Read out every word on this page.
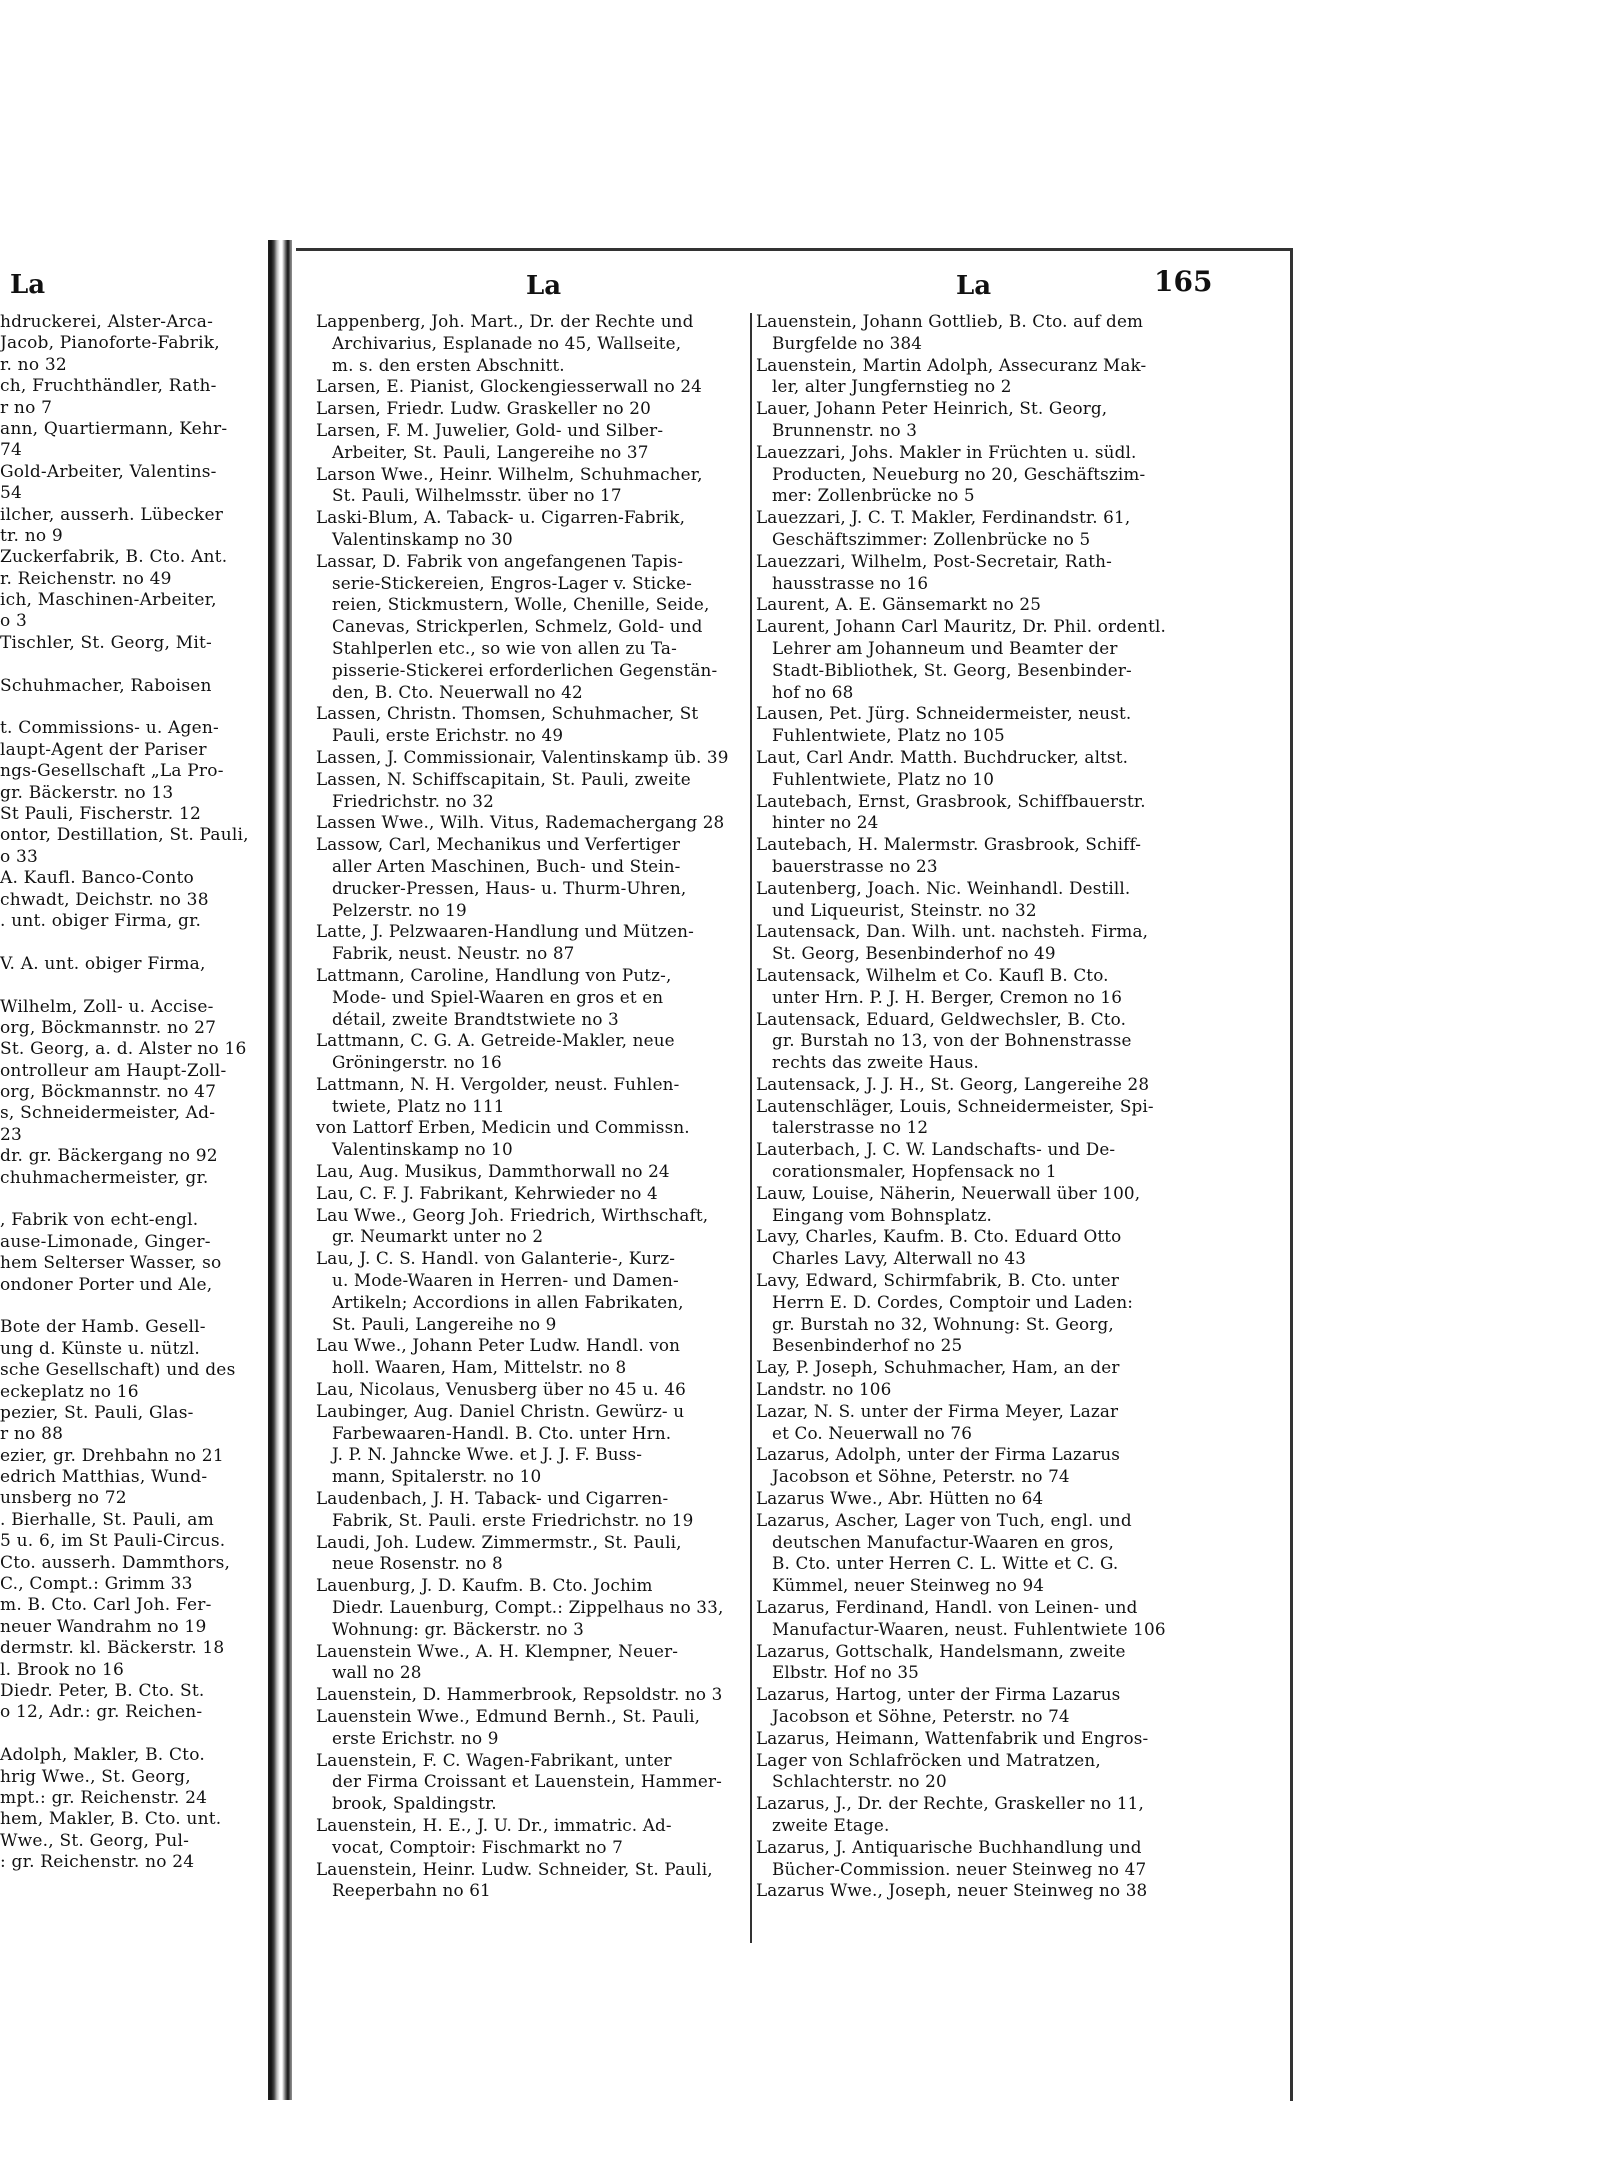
La
hdruckerei, Alster-Arca-
Jacob, Pianoforte-Fabrik,
r. no 32
ch, Fruchthändler, Rath-
r no 7
ann, Quartiermann, Kehr-
74
Gold-Arbeiter, Valentins-
54
ilcher, ausserh. Lübecker
tr. no 9
Zuckerfabrik, B. Cto. Ant.
r. Reichenstr. no 49
ich, Maschinen-Arbeiter,
o 3
Tischler, St. Georg, Mit-
Schuhmacher, Raboisen
t. Commissions- u. Agen-
laupt-Agent der Pariser
ngs-Gesellschaft „La Pro-
gr. Bäckerstr. no 13
St Pauli, Fischerstr. 12
ontor, Destillation, St. Pauli,
o 33
A. Kaufl. Banco-Conto
chwadt, Deichstr. no 38
. unt. obiger Firma, gr.
V. A. unt. obiger Firma,
Wilhelm, Zoll- u. Accise-
org, Böckmannstr. no 27
St. Georg, a. d. Alster no 16
ontrolleur am Haupt-Zoll-
org, Böckmannstr. no 47
s, Schneidermeister, Ad-
23
dr. gr. Bäckergang no 92
chuhmachermeister, gr.
, Fabrik von echt-engl.
ause-Limonade, Ginger-
hem Selterser Wasser, so
ondoner Porter und Ale,
Bote der Hamb. Gesell-
ung d. Künste u. nützl.
sche Gesellschaft) und des
eckeplatz no 16
pezier, St. Pauli, Glas-
r no 88
ezier, gr. Drehbahn no 21
edrich Matthias, Wund-
unsberg no 72
. Bierhalle, St. Pauli, am
5 u. 6, im St Pauli-Circus.
Cto. ausserh. Dammthors,
C., Compt.: Grimm 33
m. B. Cto. Carl Joh. Fer-
neuer Wandrahm no 19
dermstr. kl. Bäckerstr. 18
l. Brook no 16
Diedr. Peter, B. Cto. St.
o 12, Adr.: gr. Reichen-
Adolph, Makler, B. Cto.
hrig Wwe., St. Georg,
mpt.: gr. Reichenstr. 24
hem, Makler, B. Cto. unt.
Wwe., St. Georg, Pul-
: gr. Reichenstr. no 24
La	La	165
Lappenberg, Joh. Mart., Dr. der Rechte und
Archivarius, Esplanade no 45, Wallseite,
m. s. den ersten Abschnitt.
Larsen, E. Pianist, Glockengiesserwall no 24
Larsen, Friedr. Ludw. Graskeller no 20
Larsen, F. M. Juwelier, Gold- und Silber-
Arbeiter, St. Pauli, Langereihe no 37
Larson Wwe., Heinr. Wilhelm, Schuhmacher,
St. Pauli, Wilhelmsstr. über no 17
Laski-Blum, A. Taback- u. Cigarren-Fabrik,
Valentinskamp no 30
Lassar, D. Fabrik von angefangenen Tapis-
serie-Stickereien, Engros-Lager v. Sticke-
reien, Stickmustern, Wolle, Chenille, Seide,
Canevas, Strickperlen, Schmelz, Gold- und
Stahlperlen etc., so wie von allen zu Ta-
pisserie-Stickerei erforderlichen Gegenstän-
den, B. Cto. Neuerwall no 42
Lassen, Christn. Thomsen, Schuhmacher, St
Pauli, erste Erichstr. no 49
Lassen, J. Commissionair, Valentinskamp üb. 39
Lassen, N. Schiffscapitain, St. Pauli, zweite
Friedrichstr. no 32
Lassen Wwe., Wilh. Vitus, Rademachergang 28
Lassow, Carl, Mechanikus und Verfertiger
aller Arten Maschinen, Buch- und Stein-
drucker-Pressen, Haus- u. Thurm-Uhren,
Pelzerstr. no 19
Latte, J. Pelzwaaren-Handlung und Mützen-
Fabrik, neust. Neustr. no 87
Lattmann, Caroline, Handlung von Putz-,
Mode- und Spiel-Waaren en gros et en
détail, zweite Brandtstwiete no 3
Lattmann, C. G. A. Getreide-Makler, neue
Gröningerstr. no 16
Lattmann, N. H. Vergolder, neust. Fuhlen-
twiete, Platz no 111
von Lattorf Erben, Medicin und Commissn.
Valentinskamp no 10
Lau, Aug. Musikus, Dammthorwall no 24
Lau, C. F. J. Fabrikant, Kehrwieder no 4
Lau Wwe., Georg Joh. Friedrich, Wirthschaft,
gr. Neumarkt unter no 2
Lau, J. C. S. Handl. von Galanterie-, Kurz-
u. Mode-Waaren in Herren- und Damen-
Artikeln; Accordions in allen Fabrikaten,
St. Pauli, Langereihe no 9
Lau Wwe., Johann Peter Ludw. Handl. von
holl. Waaren, Ham, Mittelstr. no 8
Lau, Nicolaus, Venusberg über no 45 u. 46
Laubinger, Aug. Daniel Christn. Gewürz- u
Farbewaaren-Handl. B. Cto. unter Hrn.
J. P. N. Jahncke Wwe. et J. J. F. Buss-
mann, Spitalerstr. no 10
Laudenbach, J. H. Taback- und Cigarren-
Fabrik, St. Pauli. erste Friedrichstr. no 19
Laudi, Joh. Ludew. Zimmermstr., St. Pauli,
neue Rosenstr. no 8
Lauenburg, J. D. Kaufm. B. Cto. Jochim
Diedr. Lauenburg, Compt.: Zippelhaus no 33,
Wohnung: gr. Bäckerstr. no 3
Lauenstein Wwe., A. H. Klempner, Neuer-
wall no 28
Lauenstein, D. Hammerbrook, Repsoldstr. no 3
Lauenstein Wwe., Edmund Bernh., St. Pauli,
erste Erichstr. no 9
Lauenstein, F. C. Wagen-Fabrikant, unter
der Firma Croissant et Lauenstein, Hammer-
brook, Spaldingstr.
Lauenstein, H. E., J. U. Dr., immatric. Ad-
vocat, Comptoir: Fischmarkt no 7
Lauenstein, Heinr. Ludw. Schneider, St. Pauli,
Reeperbahn no 61
Lauenstein, Johann Gottlieb, B. Cto. auf dem
Burgfelde no 384
Lauenstein, Martin Adolph, Assecuranz Mak-
ler, alter Jungfernstieg no 2
Lauer, Johann Peter Heinrich, St. Georg,
Brunnenstr. no 3
Lauezzari, Johs. Makler in Früchten u. südl.
Producten, Neueburg no 20, Geschäftszim-
mer: Zollenbrücke no 5
Lauezzari, J. C. T. Makler, Ferdinandstr. 61,
Geschäftszimmer: Zollenbrücke no 5
Lauezzari, Wilhelm, Post-Secretair, Rath-
hausstrasse no 16
Laurent, A. E. Gänsemarkt no 25
Laurent, Johann Carl Mauritz, Dr. Phil. ordentl.
Lehrer am Johanneum und Beamter der
Stadt-Bibliothek, St. Georg, Besenbinder-
hof no 68
Lausen, Pet. Jürg. Schneidermeister, neust.
Fuhlentwiete, Platz no 105
Laut, Carl Andr. Matth. Buchdrucker, altst.
Fuhlentwiete, Platz no 10
Lautebach, Ernst, Grasbrook, Schiffbauerstr.
hinter no 24
Lautebach, H. Malermstr. Grasbrook, Schiff-
bauerstrasse no 23
Lautenberg, Joach. Nic. Weinhandl. Destill.
und Liqueurist, Steinstr. no 32
Lautensack, Dan. Wilh. unt. nachsteh. Firma,
St. Georg, Besenbinderhof no 49
Lautensack, Wilhelm et Co. Kaufl B. Cto.
unter Hrn. P. J. H. Berger, Cremon no 16
Lautensack, Eduard, Geldwechsler, B. Cto.
gr. Burstah no 13, von der Bohnenstrasse
rechts das zweite Haus.
Lautensack, J. J. H., St. Georg, Langereihe 28
Lautenschläger, Louis, Schneidermeister, Spi-
talerstrasse no 12
Lauterbach, J. C. W. Landschafts- und De-
corationsmaler, Hopfensack no 1
Lauw, Louise, Näherin, Neuerwall über 100,
Eingang vom Bohnsplatz.
Lavy, Charles, Kaufm. B. Cto. Eduard Otto
Charles Lavy, Alterwall no 43
Lavy, Edward, Schirmfabrik, B. Cto. unter
Herrn E. D. Cordes, Comptoir und Laden:
gr. Burstah no 32, Wohnung: St. Georg,
Besenbinderhof no 25
Lay, P. Joseph, Schuhmacher, Ham, an der
Landstr. no 106
Lazar, N. S. unter der Firma Meyer, Lazar
et Co. Neuerwall no 76
Lazarus, Adolph, unter der Firma Lazarus
Jacobson et Söhne, Peterstr. no 74
Lazarus Wwe., Abr. Hütten no 64
Lazarus, Ascher, Lager von Tuch, engl. und
deutschen Manufactur-Waaren en gros,
B. Cto. unter Herren C. L. Witte et C. G.
Kümmel, neuer Steinweg no 94
Lazarus, Ferdinand, Handl. von Leinen- und
Manufactur-Waaren, neust. Fuhlentwiete 106
Lazarus, Gottschalk, Handelsmann, zweite
Elbstr. Hof no 35
Lazarus, Hartog, unter der Firma Lazarus
Jacobson et Söhne, Peterstr. no 74
Lazarus, Heimann, Wattenfabrik und Engros-
Lager von Schlafröcken und Matratzen,
Schlachterstr. no 20
Lazarus, J., Dr. der Rechte, Graskeller no 11,
zweite Etage.
Lazarus, J. Antiquarische Buchhandlung und
Bücher-Commission. neuer Steinweg no 47
Lazarus Wwe., Joseph, neuer Steinweg no 38
